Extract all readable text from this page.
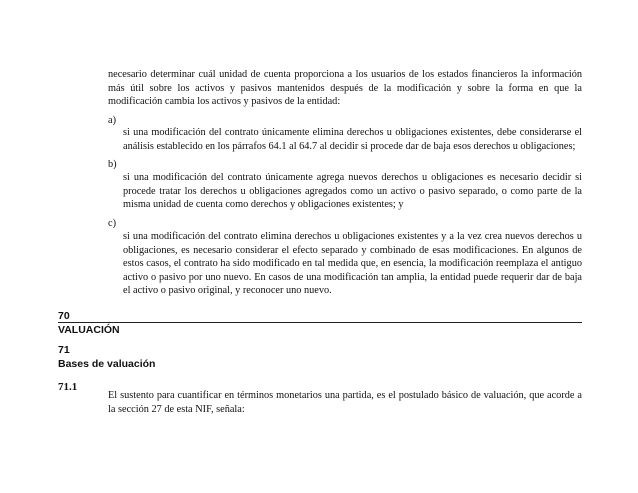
necesario determinar cuál unidad de cuenta proporciona a los usuarios de los estados financieros la información más útil sobre los activos y pasivos mantenidos después de la modificación y sobre la forma en que la modificación cambia los activos y pasivos de la entidad:

a)

si una modificación del contrato únicamente elimina derechos u obligaciones existentes, debe considerarse el análisis establecido en los párrafos 64.1 al 64.7 al decidir si procede dar de baja esos derechos u obligaciones;

b)

si una modificación del contrato únicamente agrega nuevos derechos u obligaciones es necesario decidir si procede tratar los derechos u obligaciones agregados como un activo o pasivo separado, o como parte de la misma unidad de cuenta como derechos y obligaciones existentes; y

c)

si una modificación del contrato elimina derechos u obligaciones existentes y a la vez crea nuevos derechos u obligaciones, es necesario considerar el efecto separado y combinado de esas modificaciones. En algunos de estos casos, el contrato ha sido modificado en tal medida que, en esencia, la modificación reemplaza el antiguo activo o pasivo por uno nuevo. En casos de una modificación tan amplia, la entidad puede requerir dar de baja el activo o pasivo original, y reconocer uno nuevo.

70
VALUACIÓN
71
Bases de valuación
71.1

El sustento para cuantificar en términos monetarios una partida, es el postulado básico de valuación, que acorde a la sección 27 de esta NIF, señala:
